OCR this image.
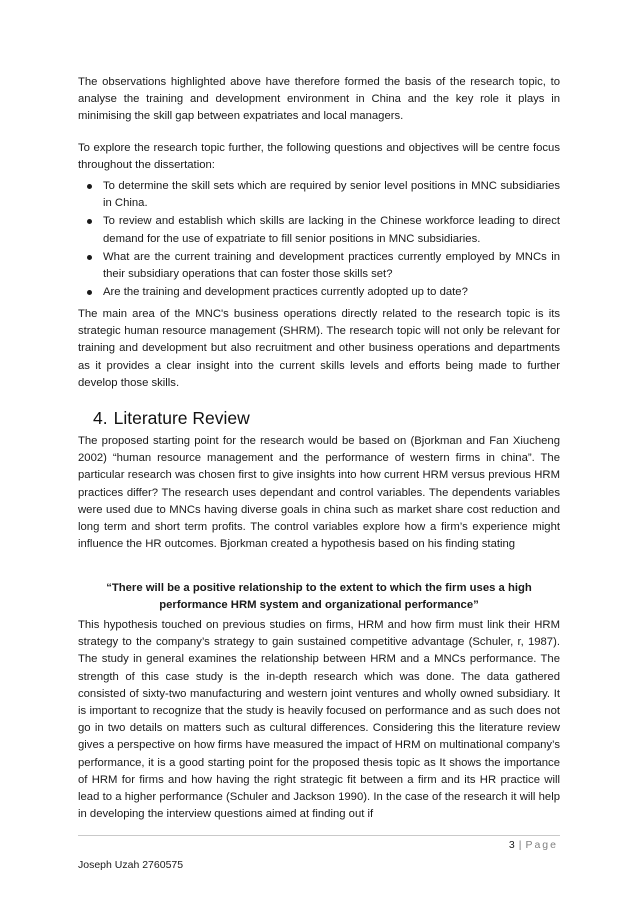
The observations highlighted above have therefore formed the basis of the research topic, to analyse the training and development environment in China and the key role it plays in minimising the skill gap between expatriates and local managers.

To explore the research topic further, the following questions and objectives will be centre focus throughout the dissertation:

To determine the skill sets which are required by senior level positions in MNC subsidiaries in China.
To review and establish which skills are lacking in the Chinese workforce leading to direct demand for the use of expatriate to fill senior positions in MNC subsidiaries.
What are the current training and development practices currently employed by MNCs in their subsidiary operations that can foster those skills set?
Are the training and development practices currently adopted up to date?

The main area of the MNC's business operations directly related to the research topic is its strategic human resource management (SHRM). The research topic will not only be relevant for training and development but also recruitment and other business operations and departments as it provides a clear insight into the current skills levels and efforts being made to further develop those skills.

4. Literature Review

The proposed starting point for the research would be based on (Bjorkman and Fan Xiucheng 2002) “human resource management and the performance of western firms in china”. The particular research was chosen first to give insights into how current HRM versus previous HRM practices differ? The research uses dependant and control variables. The dependents variables were used due to MNCs having diverse goals in china such as market share cost reduction and long term and short term profits. The control variables explore how a firm’s experience might influence the HR outcomes. Bjorkman created a hypothesis based on his finding stating

“There will be a positive relationship to the extent to which the firm uses a high performance HRM system and organizational performance”

This hypothesis touched on previous studies on firms, HRM and how firm must link their HRM strategy to the company’s strategy to gain sustained competitive advantage (Schuler, r, 1987). The study in general examines the relationship between HRM and a MNCs performance. The strength of this case study is the in-depth research which was done. The data gathered consisted of sixty-two manufacturing and western joint ventures and wholly owned subsidiary. It is important to recognize that the study is heavily focused on performance and as such does not go in two details on matters such as cultural differences. Considering this the literature review gives a perspective on how firms have measured the impact of HRM on multinational company’s performance, it is a good starting point for the proposed thesis topic as It shows the importance of HRM for firms and how having the right strategic fit between a firm and its HR practice will lead to a higher performance (Schuler and Jackson 1990). In the case of the research it will help in developing the interview questions aimed at finding out if

3 | Page
Joseph Uzah 2760575
